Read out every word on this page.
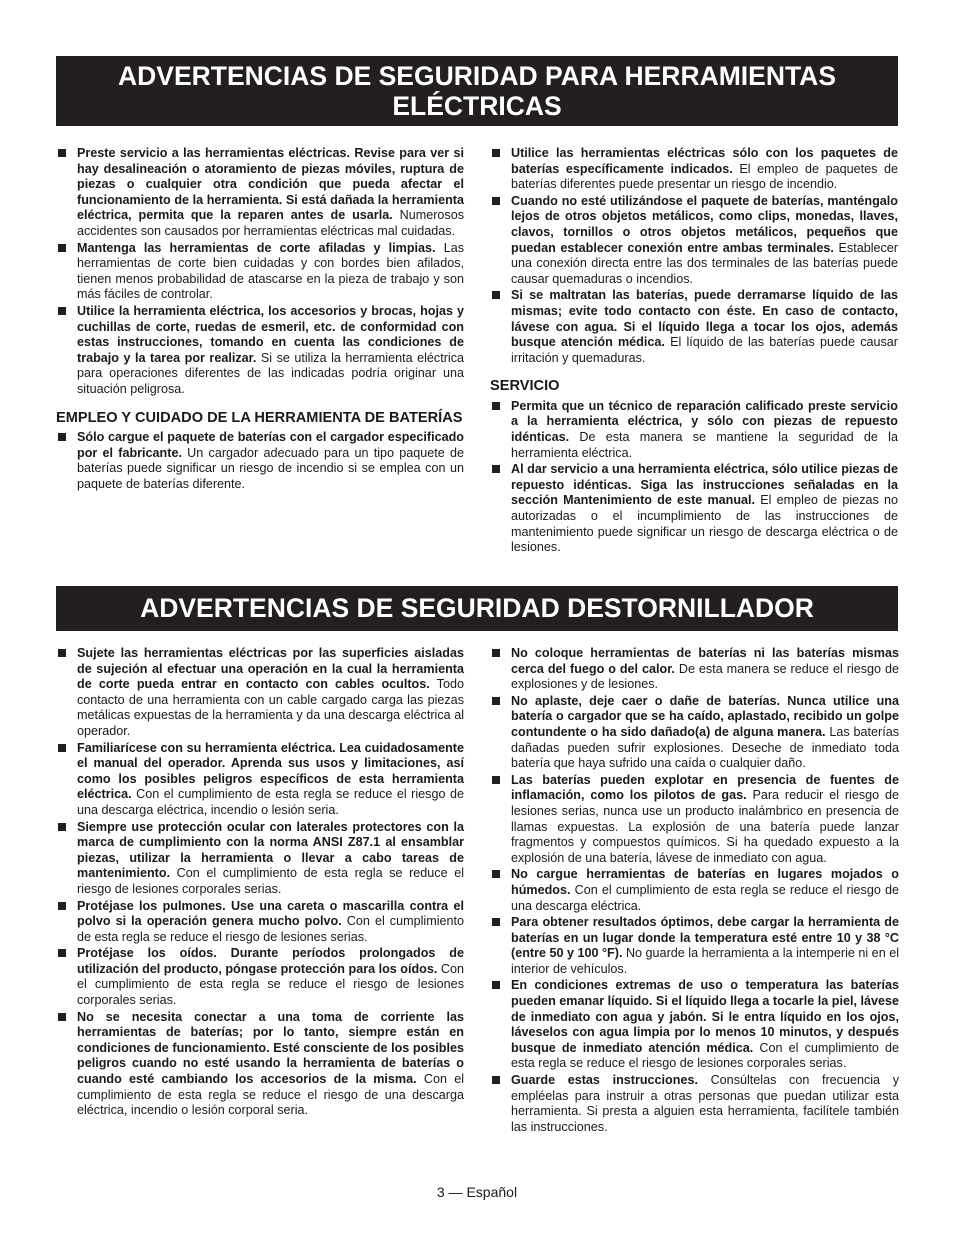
ADVERTENCIAS DE SEGURIDAD PARA HERRAMIENTAS
ELÉCTRICAS
Preste servicio a las herramientas eléctricas. Revise para ver si hay desalineación o atoramiento de piezas móviles, ruptura de piezas o cualquier otra condición que pueda afectar el funcionamiento de la herramienta. Si está dañada la herramienta eléctrica, permita que la reparen antes de usarla. Numerosos accidentes son causados por herramientas eléctricas mal cuidadas.
Mantenga las herramientas de corte afiladas y limpias. Las herramientas de corte bien cuidadas y con bordes bien afilados, tienen menos probabilidad de atascarse en la pieza de trabajo y son más fáciles de controlar.
Utilice la herramienta eléctrica, los accesorios y brocas, hojas y cuchillas de corte, ruedas de esmeril, etc. de conformidad con estas instrucciones, tomando en cuenta las condiciones de trabajo y la tarea por realizar. Si se utiliza la herramienta eléctrica para operaciones diferentes de las indicadas podría originar una situación peligrosa.
EMPLEO Y CUIDADO DE LA HERRAMIENTA DE BATERÍAS
Sólo cargue el paquete de baterías con el cargador especificado por el fabricante. Un cargador adecuado para un tipo paquete de baterías puede significar un riesgo de incendio si se emplea con un paquete de baterías diferente.
Utilice las herramientas eléctricas sólo con los paquetes de baterías específicamente indicados. El empleo de paquetes de baterías diferentes puede presentar un riesgo de incendio.
Cuando no esté utilizándose el paquete de baterías, manténgalo lejos de otros objetos metálicos, como clips, monedas, llaves, clavos, tornillos o otros objetos metálicos, pequeños que puedan establecer conexión entre ambas terminales. Establecer una conexión directa entre las dos terminales de las baterías puede causar quemaduras o incendios.
Si se maltratan las baterías, puede derramarse líquido de las mismas; evite todo contacto con éste. En caso de contacto, lávese con agua. Si el líquido llega a tocar los ojos, además busque atención médica. El líquido de las baterías puede causar irritación y quemaduras.
SERVICIO
Permita que un técnico de reparación calificado preste servicio a la herramienta eléctrica, y sólo con piezas de repuesto idénticas. De esta manera se mantiene la seguridad de la herramienta eléctrica.
Al dar servicio a una herramienta eléctrica, sólo utilice piezas de repuesto idénticas. Siga las instrucciones señaladas en la sección Mantenimiento de este manual. El empleo de piezas no autorizadas o el incumplimiento de las instrucciones de mantenimiento puede significar un riesgo de descarga eléctrica o de lesiones.
ADVERTENCIAS DE SEGURIDAD DESTORNILLADOR
Sujete las herramientas eléctricas por las superficies aisladas de sujeción al efectuar una operación en la cual la herramienta de corte pueda entrar en contacto con cables ocultos. Todo contacto de una herramienta con un cable cargado carga las piezas metálicas expuestas de la herramienta y da una descarga eléctrica al operador.
Familiarícese con su herramienta eléctrica. Lea cuidadosamente el manual del operador. Aprenda sus usos y limitaciones, así como los posibles peligros específicos de esta herramienta eléctrica. Con el cumplimiento de esta regla se reduce el riesgo de una descarga eléctrica, incendio o lesión seria.
Siempre use protección ocular con laterales protectores con la marca de cumplimiento con la norma ANSI Z87.1 al ensamblar piezas, utilizar la herramienta o llevar a cabo tareas de mantenimiento. Con el cumplimiento de esta regla se reduce el riesgo de lesiones corporales serias.
Protéjase los pulmones. Use una careta o mascarilla contra el polvo si la operación genera mucho polvo. Con el cumplimiento de esta regla se reduce el riesgo de lesiones serias.
Protéjase los oídos. Durante períodos prolongados de utilización del producto, póngase protección para los oídos. Con el cumplimiento de esta regla se reduce el riesgo de lesiones corporales serias.
No se necesita conectar a una toma de corriente las herramientas de baterías; por lo tanto, siempre están en condiciones de funcionamiento. Esté consciente de los posibles peligros cuando no esté usando la herramienta de baterías o cuando esté cambiando los accesorios de la misma. Con el cumplimiento de esta regla se reduce el riesgo de una descarga eléctrica, incendio o lesión corporal seria.
No coloque herramientas de baterías ni las baterías mismas cerca del fuego o del calor. De esta manera se reduce el riesgo de explosiones y de lesiones.
No aplaste, deje caer o dañe de baterías. Nunca utilice una batería o cargador que se ha caído, aplastado, recibido un golpe contundente o ha sido dañado(a) de alguna manera. Las baterías dañadas pueden sufrir explosiones. Deseche de inmediato toda batería que haya sufrido una caída o cualquier daño.
Las baterías pueden explotar en presencia de fuentes de inflamación, como los pilotos de gas. Para reducir el riesgo de lesiones serias, nunca use un producto inalámbrico en presencia de llamas expuestas. La explosión de una batería puede lanzar fragmentos y compuestos químicos. Si ha quedado expuesto a la explosión de una batería, lávese de inmediato con agua.
No cargue herramientas de baterías en lugares mojados o húmedos. Con el cumplimiento de esta regla se reduce el riesgo de una descarga eléctrica.
Para obtener resultados óptimos, debe cargar la herramienta de baterías en un lugar donde la temperatura esté entre 10 y 38 °C (entre 50 y 100 °F). No guarde la herramienta a la intemperie ni en el interior de vehículos.
En condiciones extremas de uso o temperatura las baterías pueden emanar líquido. Si el líquido llega a tocarle la piel, lávese de inmediato con agua y jabón. Si le entra líquido en los ojos, láveselos con agua limpia por lo menos 10 minutos, y después busque de inmediato atención médica. Con el cumplimiento de esta regla se reduce el riesgo de lesiones corporales serias.
Guarde estas instrucciones. Consúltelas con frecuencia y empléelas para instruir a otras personas que puedan utilizar esta herramienta. Si presta a alguien esta herramienta, facilítele también las instrucciones.
3 — Español
